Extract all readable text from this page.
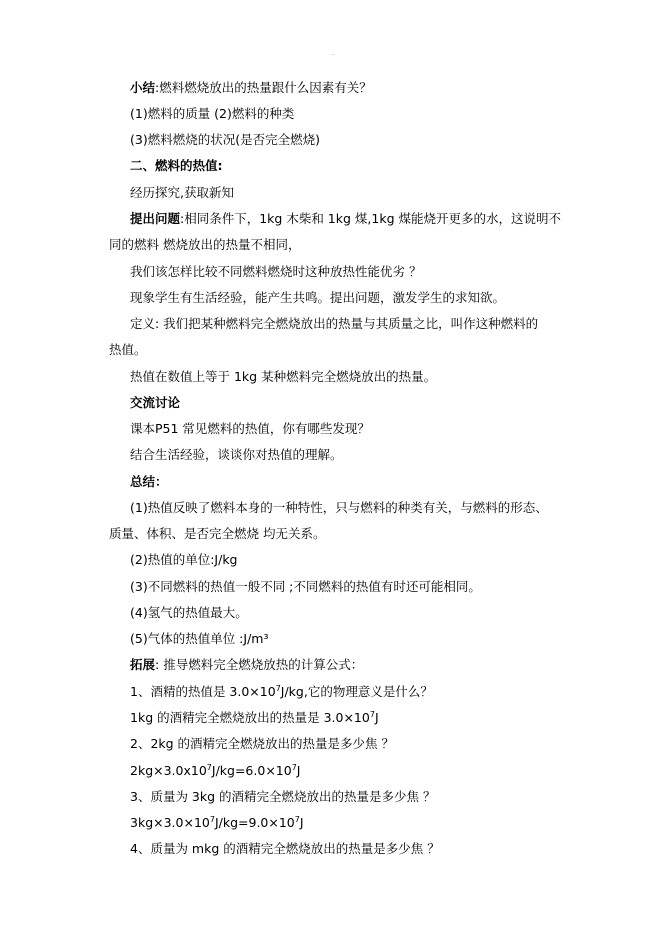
小结:燃料燃烧放出的热量跟什么因素有关？
(1)燃料的质量 (2)燃料的种类
(3)燃料燃烧的状况(是否完全燃烧)
二、燃料的热值:
经历探究,获取新知
提出问题:相同条件下，1kg 木柴和 1kg 煤,1kg 煤能烧开更多的水，这说明不
同的燃料 燃烧放出的热量不相同，
我们该怎样比较不同燃料燃烧时这种放热性能优劣 ？
现象学生有生活经验，能产生共鸣。提出问题，激发学生的求知欲。
定义: 我们把某种燃料完全燃烧放出的热量与其质量之比，叫作这种燃料的
热值。
热值在数值上等于 1kg 某种燃料完全燃烧放出的热量。
交流讨论
课本P51 常见燃料的热值，你有哪些发现？
结合生活经验，谈谈你对热值的理解。
总结：
(1)热值反映了燃料本身的一种特性，只与燃料的种类有关，与燃料的形态、
质量、体积、是否完全燃烧 均无关系。
(2)热值的单位:J/kg
(3)不同燃料的热值一般不同 ;不同燃料的热值有时还可能相同。
(4)氢气的热值最大。
(5)气体的热值单位 :J/m³
拓展: 推导燃料完全燃烧放热的计算公式：
1、酒精的热值是 $3.0\times 10^7J/kg$,它的物理意义是什么？
1kg 的酒精完全燃烧放出的热量是 $3.0\times 10^7J$
2、2kg 的酒精完全燃烧放出的热量是多少焦 ？
$2kg\times 3.0x10^7J/kg=6.0\times 10^7J$
3、质量为 3kg 的酒精完全燃烧放出的热量是多少焦 ？
$3kg\times 3.0\times 10^7J/kg=9.0\times 10^7J$
4、质量为 mkg 的酒精完全燃烧放出的热量是多少焦 ？
